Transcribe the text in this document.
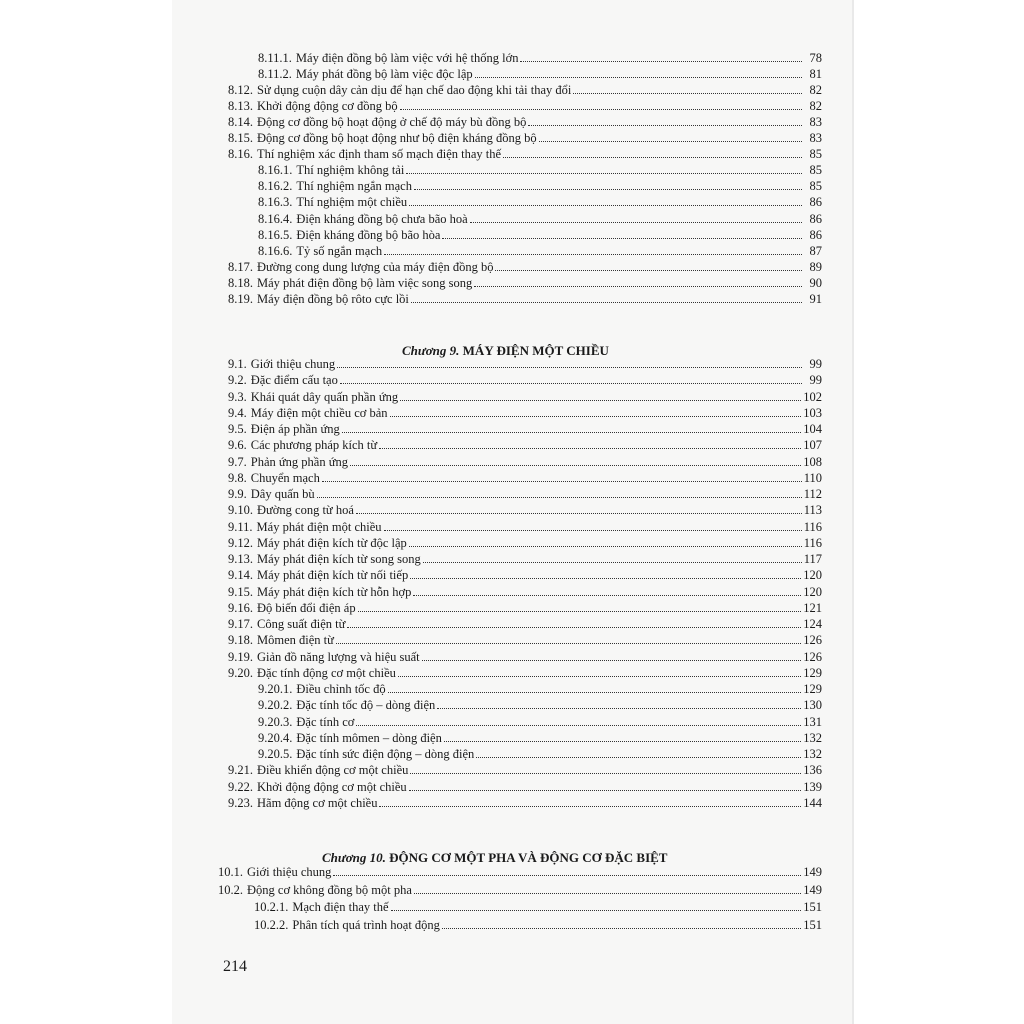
Chương 9. MÁY ĐIỆN MỘT CHIỀU
Chương 10. ĐỘNG CƠ MỘT PHA VÀ ĐỘNG CƠ ĐẶC BIỆT
8.11.1. Máy điện đồng bộ làm việc với hệ thống lớn	78
8.11.2. Máy phát đồng bộ làm việc độc lập	81
8.12. Sử dụng cuộn dây cản dịu để hạn chế dao động khi tải thay đổi	82
8.13. Khởi động động cơ đồng bộ	82
8.14. Động cơ đồng bộ hoạt động ở chế độ máy bù đồng bộ	83
8.15. Động cơ đồng bộ hoạt động như bộ điện kháng đồng bộ	83
8.16. Thí nghiệm xác định tham số mạch điện thay thế	85
8.16.1. Thí nghiệm không tải	85
8.16.2. Thí nghiệm ngắn mạch	85
8.16.3. Thí nghiệm một chiều	86
8.16.4. Điện kháng đồng bộ chưa bão hoà	86
8.16.5. Điện kháng đồng bộ bão hòa	86
8.16.6. Tỷ số ngắn mạch	87
8.17. Đường cong dung lượng của máy điện đồng bộ	89
8.18. Máy phát điện đồng bộ làm việc song song	90
8.19. Máy điện đồng bộ rôto cực lồi	91
9.1. Giới thiệu chung	99
9.2. Đặc điểm cấu tạo	99
9.3. Khái quát dây quấn phần ứng	102
9.4. Máy điện một chiều cơ bản	103
9.5. Điện áp phần ứng	104
9.6. Các phương pháp kích từ	107
9.7. Phản ứng phần ứng	108
9.8. Chuyển mạch	110
9.9. Dây quấn bù	112
9.10. Đường cong từ hoá	113
9.11. Máy phát điện một chiều	116
9.12. Máy phát điện kích từ độc lập	116
9.13. Máy phát điện kích từ song song	117
9.14. Máy phát điện kích từ nối tiếp	120
9.15. Máy phát điện kích từ hỗn hợp	120
9.16. Độ biến đổi điện áp	121
9.17. Công suất điện từ	124
9.18. Mômen điện từ	126
9.19. Giản đồ năng lượng và hiệu suất	126
9.20. Đặc tính động cơ một chiều	129
9.20.1. Điều chỉnh tốc độ	129
9.20.2. Đặc tính tốc độ – dòng điện	130
9.20.3. Đặc tính cơ	131
9.20.4. Đặc tính mômen – dòng điện	132
9.20.5. Đặc tính sức điện động – dòng điện	132
9.21. Điều khiển động cơ một chiều	136
9.22. Khởi động động cơ một chiều	139
9.23. Hãm động cơ một chiều	144
10.1. Giới thiệu chung	149
10.2. Động cơ không đồng bộ một pha	149
10.2.1. Mạch điện thay thế	151
10.2.2. Phân tích quá trình hoạt động	151
214
